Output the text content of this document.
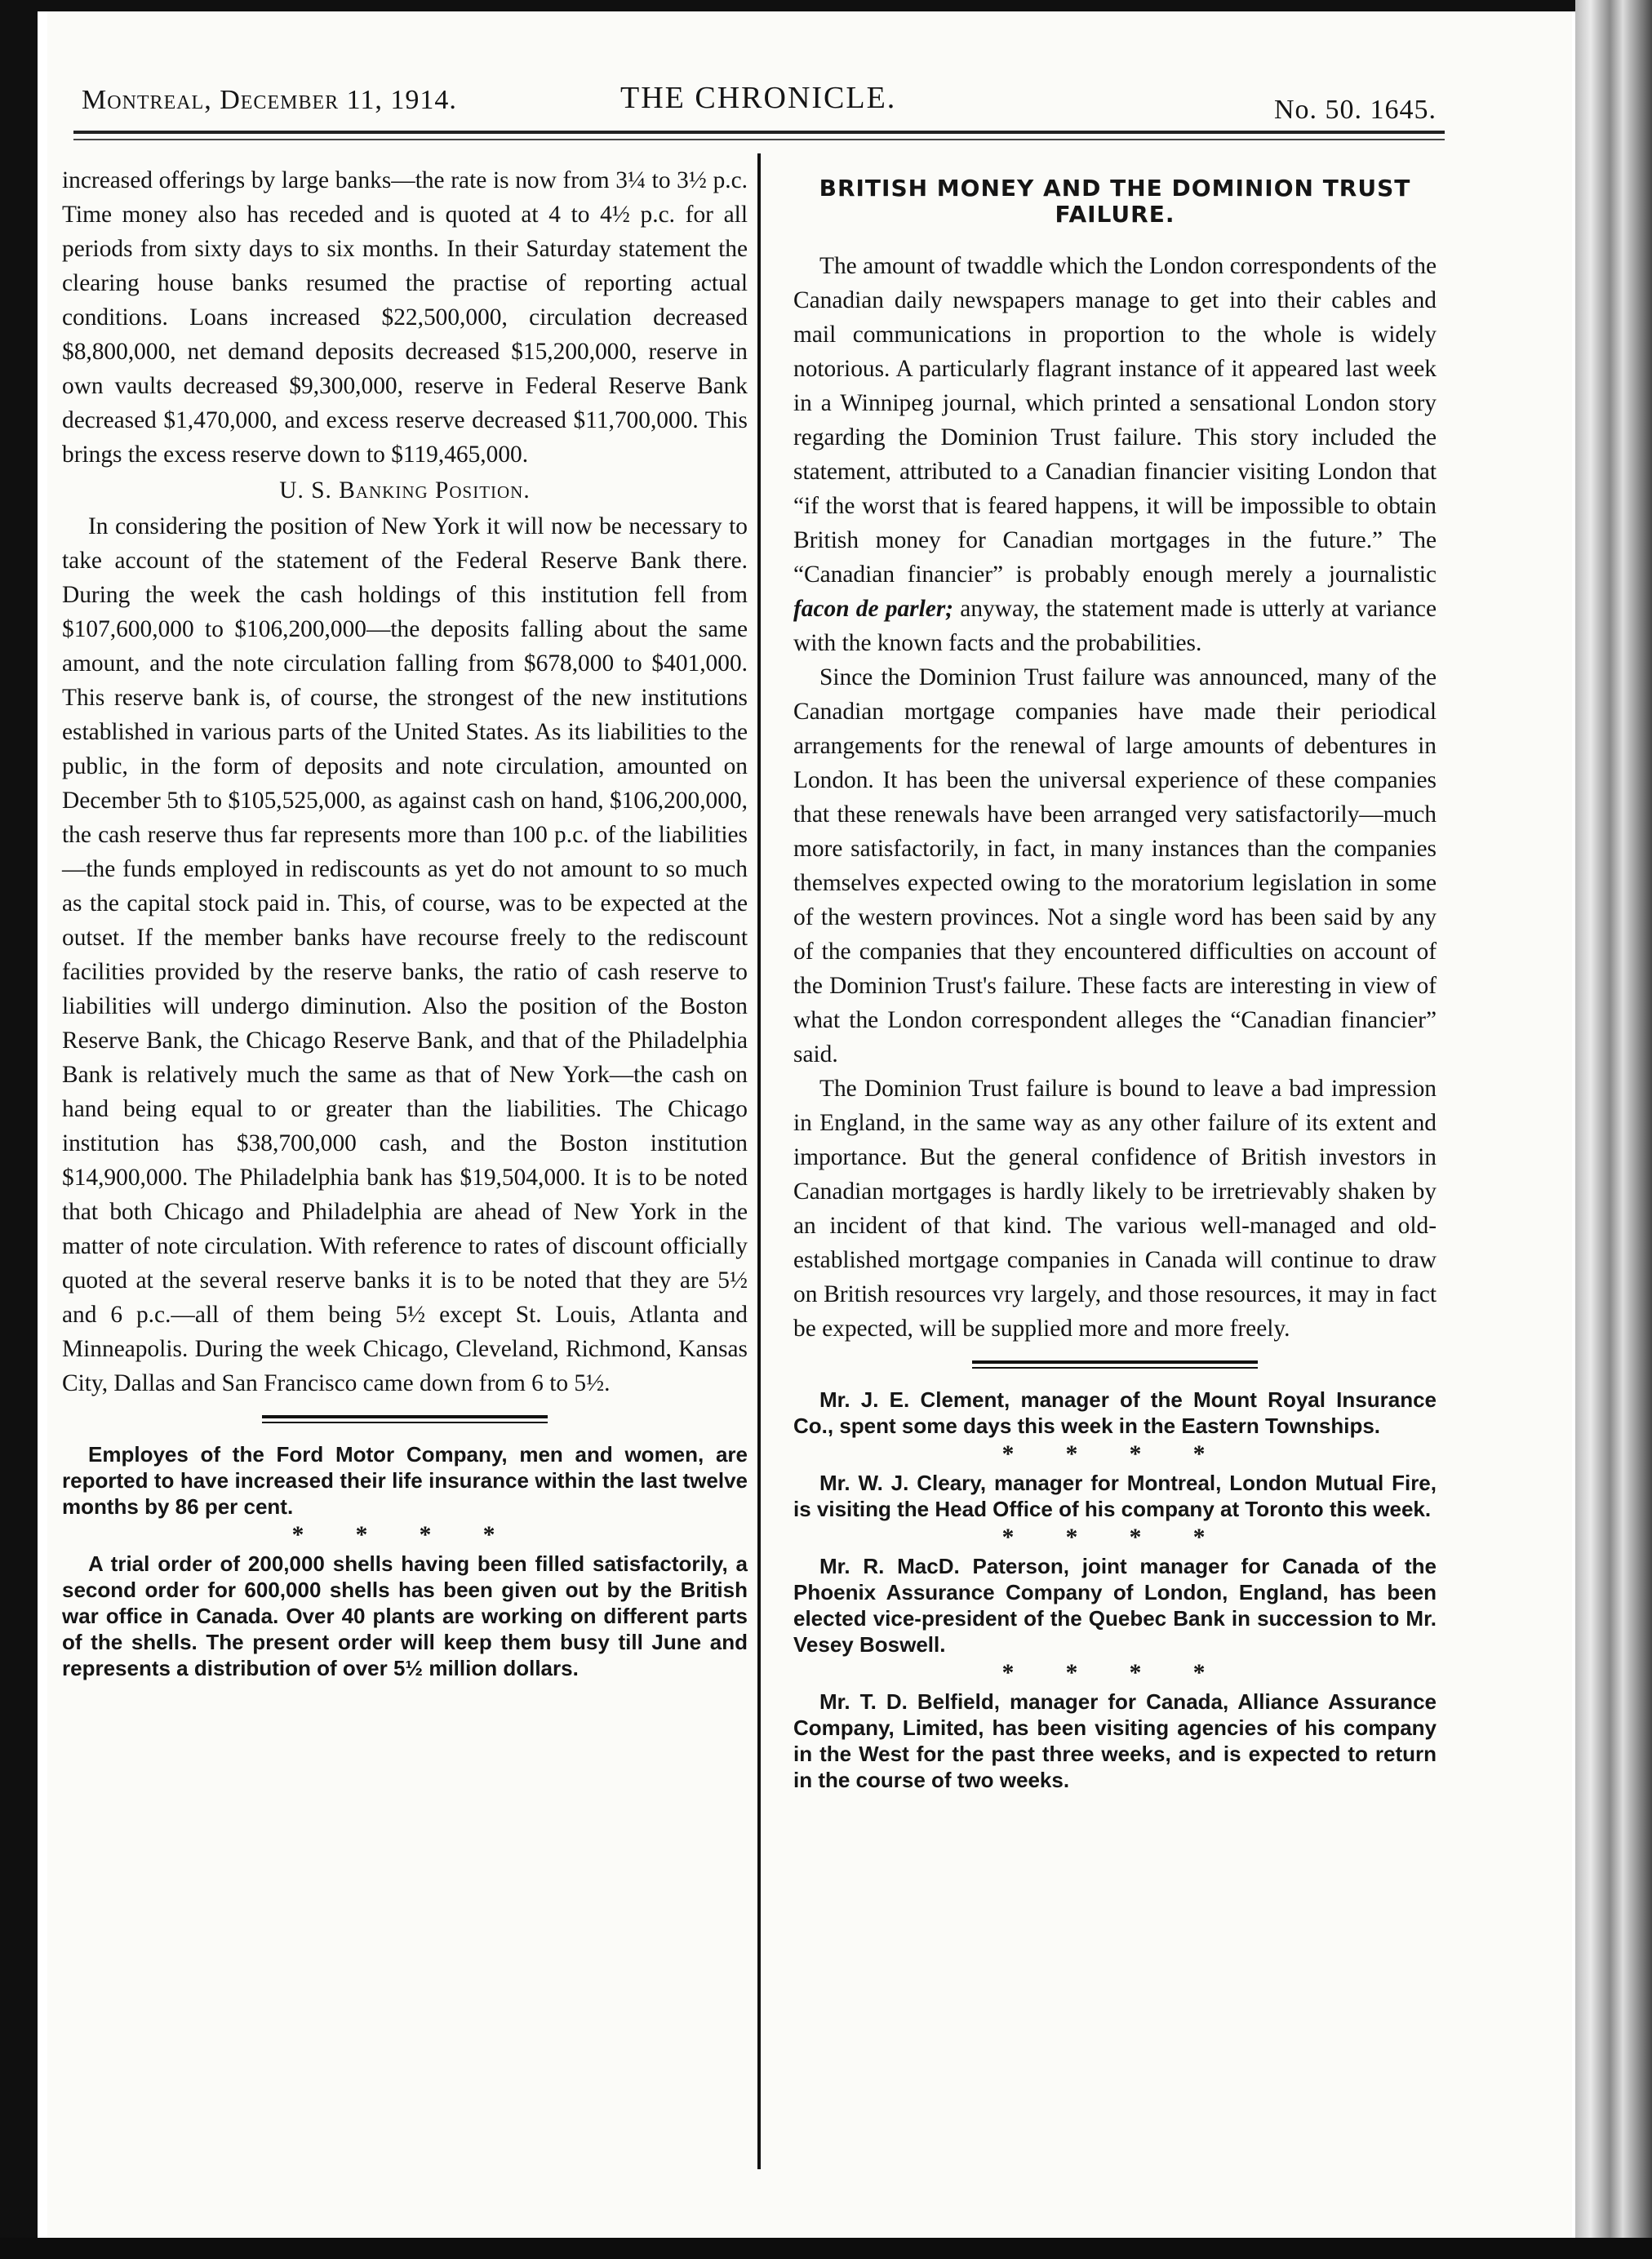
Montreal, December 11, 1914.	THE CHRONICLE.	No. 50. 1645.

increased offerings by large banks—the rate is now from 3¼ to 3½ p.c. Time money also has receded and is quoted at 4 to 4½ p.c. for all periods from sixty days to six months. In their Saturday statement the clearing house banks resumed the practise of reporting actual conditions. Loans increased $22,500,000, circulation decreased $8,800,000, net demand deposits decreased $15,200,000, reserve in own vaults decreased $9,300,000, reserve in Federal Reserve Bank decreased $1,470,000, and excess reserve decreased $11,700,000. This brings the excess reserve down to $119,465,000.

U. S. Banking Position.

In considering the position of New York it will now be necessary to take account of the statement of the Federal Reserve Bank there. During the week the cash holdings of this institution fell from $107,600,000 to $106,200,000—the deposits falling about the same amount, and the note circulation falling from $678,000 to $401,000. This reserve bank is, of course, the strongest of the new institutions established in various parts of the United States. As its liabilities to the public, in the form of deposits and note circulation, amounted on December 5th to $105,525,000, as against cash on hand, $106,200,000, the cash reserve thus far represents more than 100 p.c. of the liabilities—the funds employed in rediscounts as yet do not amount to so much as the capital stock paid in. This, of course, was to be expected at the outset. If the member banks have recourse freely to the rediscount facilities provided by the reserve banks, the ratio of cash reserve to liabilities will undergo diminution. Also the position of the Boston Reserve Bank, the Chicago Reserve Bank, and that of the Philadelphia Bank is relatively much the same as that of New York—the cash on hand being equal to or greater than the liabilities. The Chicago institution has $38,700,000 cash, and the Boston institution $14,900,000. The Philadelphia bank has $19,504,000. It is to be noted that both Chicago and Philadelphia are ahead of New York in the matter of note circulation. With reference to rates of discount officially quoted at the several reserve banks it is to be noted that they are 5½ and 6 p.c.—all of them being 5½ except St. Louis, Atlanta and Minneapolis. During the week Chicago, Cleveland, Richmond, Kansas City, Dallas and San Francisco came down from 6 to 5½.

Employes of the Ford Motor Company, men and women, are reported to have increased their life insurance within the last twelve months by 86 per cent.

* * * *

A trial order of 200,000 shells having been filled satisfactorily, a second order for 600,000 shells has been given out by the British war office in Canada. Over 40 plants are working on different parts of the shells. The present order will keep them busy till June and represents a distribution of over 5½ million dollars.

BRITISH MONEY AND THE DOMINION TRUST FAILURE.

The amount of twaddle which the London correspondents of the Canadian daily newspapers manage to get into their cables and mail communications in proportion to the whole is widely notorious. A particularly flagrant instance of it appeared last week in a Winnipeg journal, which printed a sensational London story regarding the Dominion Trust failure. This story included the statement, attributed to a Canadian financier visiting London that “if the worst that is feared happens, it will be impossible to obtain British money for Canadian mortgages in the future.” The “Canadian financier” is probably enough merely a journalistic facon de parler; anyway, the statement made is utterly at variance with the known facts and the probabilities.

Since the Dominion Trust failure was announced, many of the Canadian mortgage companies have made their periodical arrangements for the renewal of large amounts of debentures in London. It has been the universal experience of these companies that these renewals have been arranged very satisfactorily—much more satisfactorily, in fact, in many instances than the companies themselves expected owing to the moratorium legislation in some of the western provinces. Not a single word has been said by any of the companies that they encountered difficulties on account of the Dominion Trust's failure. These facts are interesting in view of what the London correspondent alleges the “Canadian financier” said.

The Dominion Trust failure is bound to leave a bad impression in England, in the same way as any other failure of its extent and importance. But the general confidence of British investors in Canadian mortgages is hardly likely to be irretrievably shaken by an incident of that kind. The various well-managed and old-established mortgage companies in Canada will continue to draw on British resources vry largely, and those resources, it may in fact be expected, will be supplied more and more freely.

Mr. J. E. Clement, manager of the Mount Royal Insurance Co., spent some days this week in the Eastern Townships.

* * * *

Mr. W. J. Cleary, manager for Montreal, London Mutual Fire, is visiting the Head Office of his company at Toronto this week.

* * * *

Mr. R. MacD. Paterson, joint manager for Canada of the Phoenix Assurance Company of London, England, has been elected vice-president of the Quebec Bank in succession to Mr. Vesey Boswell.

* * * *

Mr. T. D. Belfield, manager for Canada, Alliance Assurance Company, Limited, has been visiting agencies of his company in the West for the past three weeks, and is expected to return in the course of two weeks.
